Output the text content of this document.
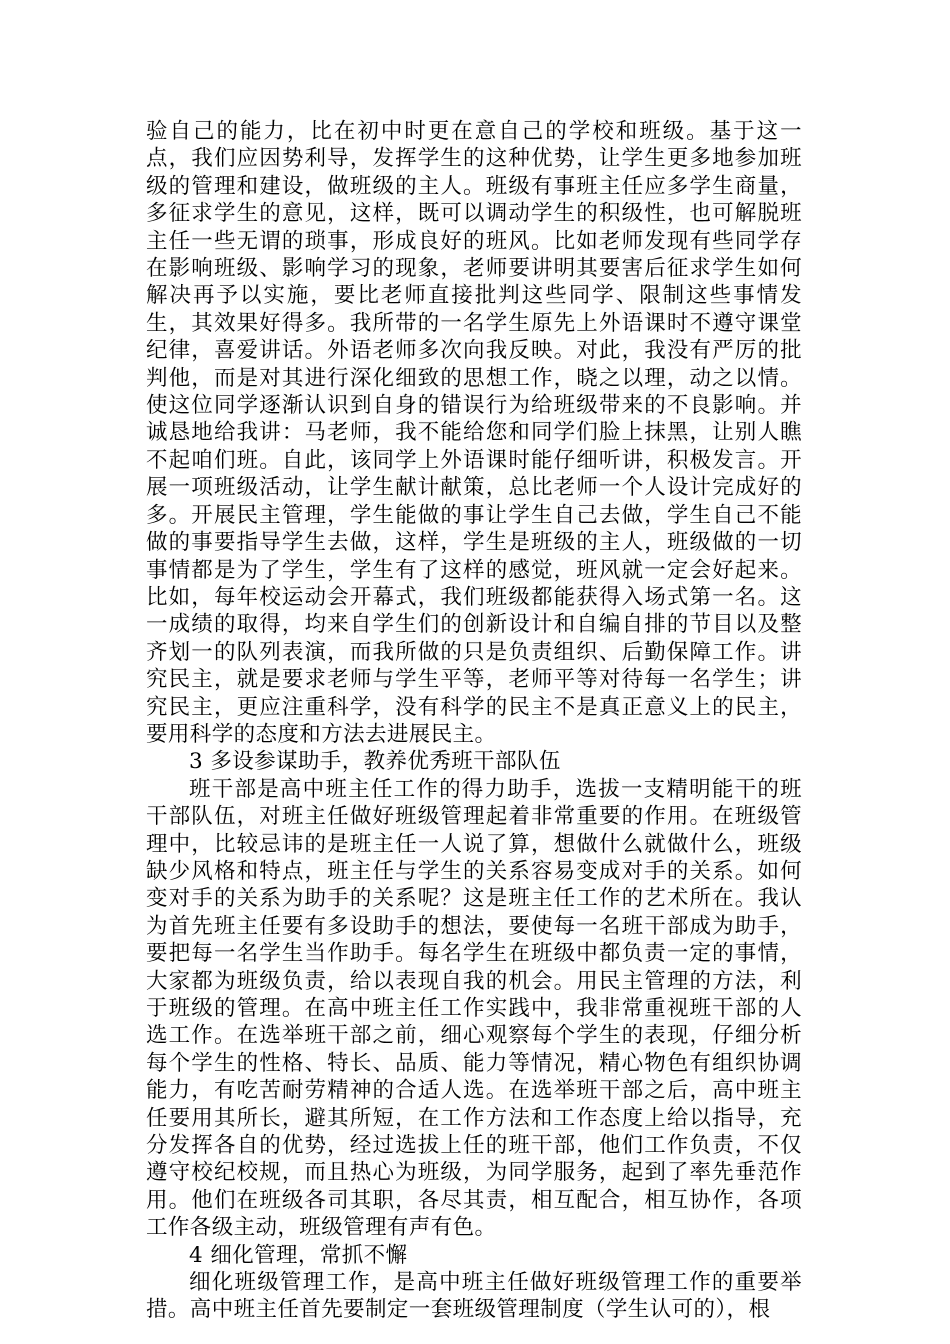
验自己的能力，比在初中时更在意自己的学校和班级。基于这一点，我们应因势利导，发挥学生的这种优势，让学生更多地参加班级的管理和建设，做班级的主人。班级有事班主任应多学生商量，多征求学生的意见，这样，既可以调动学生的积级性，也可解脱班主任一些无谓的琐事，形成良好的班风。比如老师发现有些同学存在影响班级、影响学习的现象，老师要讲明其要害后征求学生如何解决再予以实施，要比老师直接批判这些同学、限制这些事情发生，其效果好得多。我所带的一名学生原先上外语课时不遵守课堂纪律，喜爱讲话。外语老师多次向我反映。对此，我没有严厉的批判他，而是对其进行深化细致的思想工作，晓之以理，动之以情。使这位同学逐渐认识到自身的错误行为给班级带来的不良影响。并诚恳地给我讲：马老师，我不能给您和同学们脸上抹黑，让别人瞧不起咱们班。自此，该同学上外语课时能仔细听讲，积极发言。开展一项班级活动，让学生献计献策，总比老师一个人设计完成好的多。开展民主管理，学生能做的事让学生自己去做，学生自己不能做的事要指导学生去做，这样，学生是班级的主人，班级做的一切事情都是为了学生，学生有了这样的感觉，班风就一定会好起来。比如，每年校运动会开幕式，我们班级都能获得入场式第一名。这一成绩的取得，均来自学生们的创新设计和自编自排的节目以及整齐划一的队列表演，而我所做的只是负责组织、后勤保障工作。讲究民主，就是要求老师与学生平等，老师平等对待每一名学生；讲究民主，更应注重科学，没有科学的民主不是真正意义上的民主，要用科学的态度和方法去进展民主。

3 多设参谋助手，教养优秀班干部队伍

班干部是高中班主任工作的得力助手，选拔一支精明能干的班干部队伍，对班主任做好班级管理起着非常重要的作用。在班级管理中，比较忌讳的是班主任一人说了算，想做什么就做什么，班级缺少风格和特点，班主任与学生的关系容易变成对手的关系。如何变对手的关系为助手的关系呢？这是班主任工作的艺术所在。我认为首先班主任要有多设助手的想法，要使每一名班干部成为助手，要把每一名学生当作助手。每名学生在班级中都负责一定的事情，大家都为班级负责，给以表现自我的机会。用民主管理的方法，利于班级的管理。在高中班主任工作实践中，我非常重视班干部的人选工作。在选举班干部之前，细心观察每个学生的表现，仔细分析每个学生的性格、特长、品质、能力等情况，精心物色有组织协调能力，有吃苦耐劳精神的合适人选。在选举班干部之后，高中班主任要用其所长，避其所短，在工作方法和工作态度上给以指导，充分发挥各自的优势，经过选拔上任的班干部，他们工作负责，不仅遵守校纪校规，而且热心为班级，为同学服务，起到了率先垂范作用。他们在班级各司其职，各尽其责，相互配合，相互协作，各项工作各级主动，班级管理有声有色。

4 细化管理，常抓不懈

细化班级管理工作，是高中班主任做好班级管理工作的重要举措。高中班主任首先要制定一套班级管理制度（学生认可的），根
